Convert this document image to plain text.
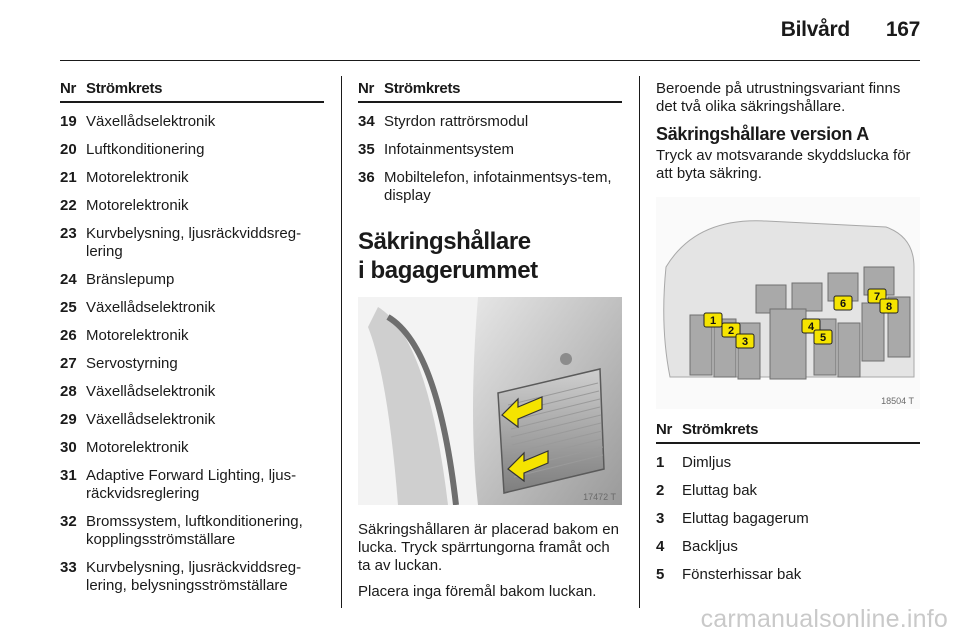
Bilvård 167
Nr Strömkrets
19 Växellådselektronik
20 Luftkonditionering
21 Motorelektronik
22 Motorelektronik
23 Kurvbelysning, ljusräckviddsreg-lering
24 Bränslepump
25 Växellådselektronik
26 Motorelektronik
27 Servostyrning
28 Växellådselektronik
29 Växellådselektronik
30 Motorelektronik
31 Adaptive Forward Lighting, ljus-räckvidsreglering
32 Bromssystem, luftkonditionering, kopplingsströmställare
33 Kurvbelysning, ljusräckviddsreg-lering, belysningsströmställare
Nr Strömkrets
34 Styrdon rattrörsmodul
35 Infotainmentsystem
36 Mobiltelefon, infotainmentsys-tem, display
Säkringshållare
i bagagerummet
17472 T

Säkringshållaren är placerad bakom en lucka. Tryck spärrtungorna framåt och ta av luckan.

Placera inga föremål bakom luckan.

Beroende på utrustningsvariant finns det två olika säkringshållare.

Säkringshållare version A

Tryck av motsvarande skyddslucka för att byta säkring.

1
2
3
4
5
6
7
8
18504 T
Nr Strömkrets
1	Dimljus
2	Eluttag bak
3	Eluttag bagagerum
4	Backljus
5	Fönsterhissar bak
carmanualsonline.info
